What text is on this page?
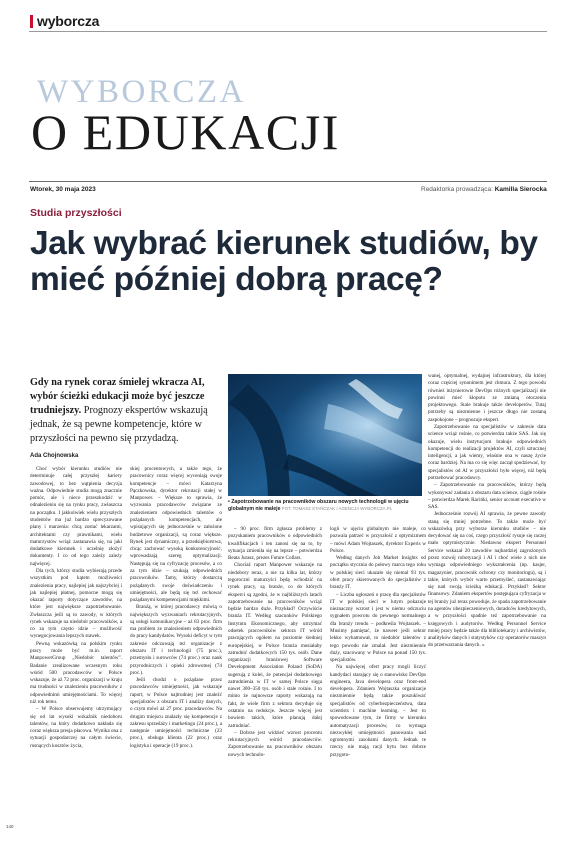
wyborcza
WYBORCZA
O EDUKACJI
Wtorek, 30 maja 2023	Redaktorka prowadząca: Kamilla Sierocka
Studia przyszłości
Jak wybrać kierunek studiów, by mieć później dobrą pracę?
Gdy na rynek coraz śmielej wkracza AI, wybór ścieżki edukacji może być jeszcze trudniejszy. Prognozy ekspertów wskazują jednak, że są pewne kompetencje, które w przyszłości na pewno się przydadzą.
Ada Chojnowska

Choć wybór kierunku studiów nie determinuje całej przyszłej kariery zawodowej, to bez wątpienia decyzja ważna. Odpowiednie studia mogą znacznie pomóc, ale i nieco przeszkodzić w odnalezieniu się na rynku pracy, zwłaszcza na początku. I jakkolwiek wielu przyszłych studentów ma już bardzo sprecyzowane plany i marzenia: chcą zostać lekarzami, architektami czy prawnikami, wielu maturzystów wciąż zastanawia się, na jaki dodatkowe kierunek i uczelnię złożyć dokumenty. I co od tego zależy zależy najwięcej.

Dla tych, którzy studia wybierają przede wszystkim pod kątem możliwości znalezienia pracy, najlepiej jak najszybciej i jak najlepiej płatnej, pomocne mogą się okazać raporty dotyczące zawodów, na które jest największe zapotrzebowanie. Zwłaszcza jeśli są to zawody, w których rynek wskazuje na niedobór pracowników, a co za tym często idzie – możliwość wynegocjowania lepszych stawek.

Pewną wskazówką na polskim rynku pracy może być m.in. raport ManpowerGroup „Niedobór talentów”. Badanie zrealizowane wczesnym roku wśród 500 pracodawców w Polsce wskazuje, że aż 72 proc. organizacji w kraju ma trudności w znalezieniu pracowników z odpowiednimi umiejętnościami. To więcej niż rok temu.

– W Polsce obserwujemy utrzymujący się od lat wysoki wskaźnik niedoboru talentów, na który dodatkowo nakłada się coraz większa presja płacowa. Wynika ona z sytuacji gospodarczej na całym świecie, rosnących kosztów życia,

skiej procentowych, a także tego, że pracownicy coraz więcej wyceniają swoje kompetencje – mówi Katarzyna Pączkowska, dyrektor rekrutacji stałej w Manpower. – Większe to sprawia, że wyzwania pracodawców związane ze znalezieniem odpowiednich talentów o pożądanych kompetencjach, ale wpisujących się jednocześnie w założone budżetowe organizacji, są coraz większe. Rynek jest dynamiczny, a przedsiębiorstwa, chcąc zachować wysoką konkurencyjność, wprowadzają szereg optymalizacji. Następują się na cyfryzację procesów, a co za tym idzie – szukają odpowiednich pracowników. Tamy, którzy dostarczą pożądanych swoje doświadczeniu i umiejętności, ale będą się też cechować pożądanymi kompetencjami miękkimi.

Branżą, w której pracodawcy mówią o największych wyzwaniach rekrutacyjnych, są usługi komunikacyjne – aż 83 proc. firm ma problem ze znalezieniem odpowiednich do pracy kandydatów. Wysoki deficyt w tym zakresie odczuwają też organizacje z obszaru IT i technologii (75 proc.), przemysłu i surowców (74 proc.) oraz nauk przyrodniczych i opieki zdrowotnej (74 proc.).

Jeśli chodzi o pożądane przez pracodawców umiejętności, jak wskazuje raport, w Polsce najtrudniej jest znaleźć specjalistów z obszaru IT i analizy danych, o czym mówi aż 27 proc. pracodawców. Na drugim miejscu znalazły się kompetencje z zakresu sprzedaży i marketingu (24 proc.), a następnie umiejętności techniczne (23 proc.), obsługa klienta (22 proc.) oraz logistyka i operacje (19 proc.).

• Zapotrzebowanie na pracowników obszaru nowych technologii w ujęciu globalnym nie maleje FOT. TOMASZ STAŃCZAK / AGENCJA WYBORCZA.PL

– 90 proc. firm zgłasza problemy z pozyskaniem pracowników o odpowiednich kwalifikacjach i ten zanosi się na to, by sytuacja zmieniła się na lepsze – potwierdza Beata Jurasz, prezes Future Collars.

Chociaż raport Manpower wskazuje na niedobory teraz, a nie za kilka lat, którzy tegoroczni maturzyści będą wchodzić na rynek pracy, są branże, co do których eksperci są zgodni, że w najbliższych latach zapotrzebowanie na pracowników wciąż będzie bardzo duże. Przykład? Oczywiście branża IT. Według szacunków Polskiego Instytutu Ekonomicznego, aby utrzymać odsetek pracowników sektora IT wśród pracujących ogółem na poziomie średniej europejskiej, w Polsce branża musiałaby zatrudnić dodatkowych 150 tys. osób. Dane organizacji branżowej Software Development Association Poland (SoDA) sugerują z kolei, że potencjał dodatkowego zatrudnienia w IT w samej Polsce sięga nawet 300–350 tys. osób i stale rośnie. I to mimo że najnowsze raporty wskazują na fakt, że wiele firm z sektora decyduje się ostatnio na redukcje. Jeszcze więcej jest bowiem takich, które planują dalej zatrudniać.

– Dobrze jest widzieć wzrost procentu rekrutacyjnych wśród pracodawców. Zapotrzebowanie na pracowników obszaru nowych technolo-

logii w ujęciu globalnym nie maleje, co pozwala patrzeć w przyszłość z optymizmem – mówi Adam Wojtaszek, dyrektor Experis w Polsce.

Według danych Job Market Insights od początku stycznia do połowy marca tego roku w polskiej sieci ukazało się niemal 93 tys. ofert pracy skierowanych do specjalistów z branży IT.

– Liczba ogłoszeń o pracę dla specjalistów IT w polskiej sieci w lutym pokazuje nieznaczny wzrost i jest w niemu odczuciu sygnałem powrotu do pewnego normalnego dla branży trendu – podkreśla Wojtaszek. – Musimy pamiętać, że naweet jeśli sektor lekko wyhamował, to niedobór talentów z tego powodu nie zmalał. Jest niezmiennie duży, szacowany w Polsce na ponad 150 tys. specjalistów.

Na najwięcej ofert pracy mogli liczyć kandydaci starający się o stanowisko DevOps engineera, Java developera oraz front-end developera. Zdaniem Wojtaszka organizacje niezmiennie będą także poszukiwać specjalistów od cyberbezpieczeństwa, data scientists i machine learning. – Jest to spowodowane tym, że firmy w kierunku automatyzacji procesów, co wymaga niezwykłej umiejętności panowania nad ogromnymi zasobami danych. Jednak te rzeczy nie mają racji bytu bez dobrze przygoto-

wanej, optymalnej, wydajnej infrastruktury, dla której coraz częściej synonimem jest chmura. Z tego powodu również inżynierowie DevOps różnych specjalizacji nie powinni mieć kłopotu ze zmianą otoczenia projektowego. Stale brakuje także developerów. Tutaj potrzeby są niezmienne i jeszcze długo nie zostaną zaspokojone – prognozuje ekspert.

Zapotrzebowanie na specjalistów w zakresie data science wciąż rośnie, co potwierdza także SAS. Jak się okazuje, wielu instytucjom brakuje odpowiednich kompetencji do realizacji projektów AI, czyli sztucznej inteligencji, a jak wiemy, właśnie ona w naszę życie coraz bardziej. Na ma co się więc zaczął spodziewać, by specjalistów od AI w przyszłości było więcej, niż będą potrzebować pracodawcy.

– Zapotrzebowanie na pracowników, którzy będą wykonywać zadania z obszaru data science, ciągle rośnie – potwierdza Marek Racińki, senior account executive w SAS.

Jednocześnie rozwój AI sprawia, że pewne zawody staną się mniej potrzebne. To także może być wskazówką przy wyborze kierunku studiów – nie decydować się na coś, czego przyszłość rysuje się raczej mało optymistycznie. Niedawno ekspert Personnel Service wskazał 20 zawodów najbardziej zagrożonych przez rozwój robotyzacji i AI i choć wiele z nich nie wymaga odpowiedniego wykształcenia (np. kasjer, magazynier, pracownik ochrony czy monitoringu), są i takie, których wybór warto przemyśleć, zastanawiając się nad swoją ścieżką edukacji. Przykład? Sektor finansowy. Zdaniem ekspertów postępująca cyfryzacja w tej branży już teraz powoduje, że spada zapotrzebowanie na agentów ubezpieczeniowych, doradców kredytowych, a w przyszłości spadnie też zapotrzebowanie na księgowych i audytorów. Według Personnel Service mniej pracy będzie także dla bibliotekarzy i archiwistów, analityków danych i statystyków czy operatorów maszyn do przetwarzania danych. »

140
